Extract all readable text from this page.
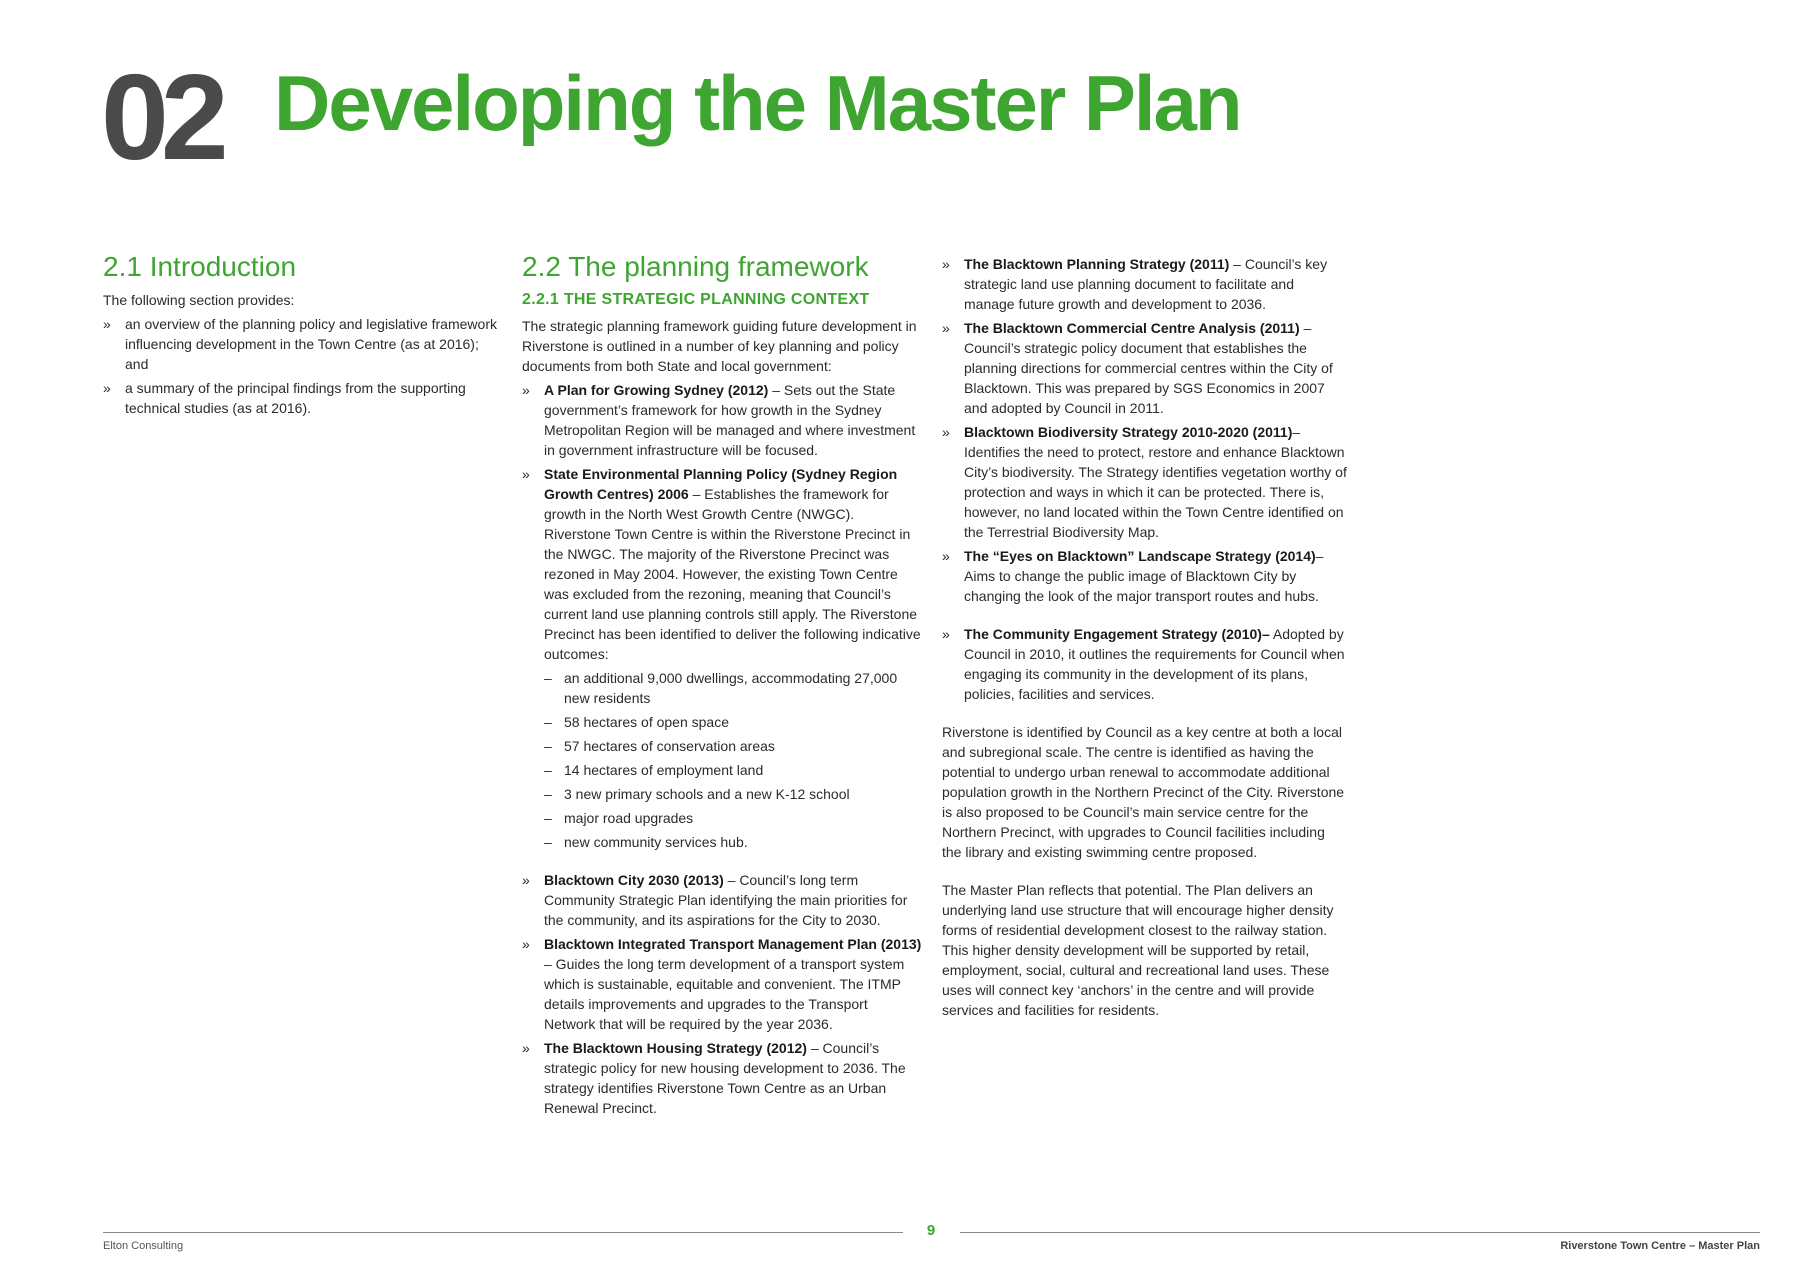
02 Developing the Master Plan
2.1 Introduction

The following section provides:

» an overview of the planning policy and legislative framework influencing development in the Town Centre (as at 2016); and
» a summary of the principal findings from the supporting technical studies (as at 2016).
2.2 The planning framework
2.2.1 THE STRATEGIC PLANNING CONTEXT

The strategic planning framework guiding future development in Riverstone is outlined in a number of key planning and policy documents from both State and local government:

» A Plan for Growing Sydney (2012) – Sets out the State government’s framework for how growth in the Sydney Metropolitan Region will be managed and where investment in government infrastructure will be focused.
» State Environmental Planning Policy (Sydney Region Growth Centres) 2006 – Establishes the framework for growth in the North West Growth Centre (NWGC). Riverstone Town Centre is within the Riverstone Precinct in the NWGC. The majority of the Riverstone Precinct was rezoned in May 2004. However, the existing Town Centre was excluded from the rezoning, meaning that Council’s current land use planning controls still apply. The Riverstone Precinct has been identified to deliver the following indicative outcomes:
– an additional 9,000 dwellings, accommodating 27,000 new residents
– 58 hectares of open space
– 57 hectares of conservation areas
– 14 hectares of employment land
– 3 new primary schools and a new K-12 school
– major road upgrades
– new community services hub.
» Blacktown City 2030 (2013) – Council’s long term Community Strategic Plan identifying the main priorities for the community, and its aspirations for the City to 2030.
» Blacktown Integrated Transport Management Plan (2013) – Guides the long term development of a transport system which is sustainable, equitable and convenient. The ITMP details improvements and upgrades to the Transport Network that will be required by the year 2036.
» The Blacktown Housing Strategy (2012) – Council’s strategic policy for new housing development to 2036. The strategy identifies Riverstone Town Centre as an Urban Renewal Precinct.
» The Blacktown Planning Strategy (2011) – Council’s key strategic land use planning document to facilitate and manage future growth and development to 2036.
» The Blacktown Commercial Centre Analysis (2011) – Council’s strategic policy document that establishes the planning directions for commercial centres within the City of Blacktown. This was prepared by SGS Economics in 2007 and adopted by Council in 2011.
» Blacktown Biodiversity Strategy 2010-2020 (2011)– Identifies the need to protect, restore and enhance Blacktown City’s biodiversity. The Strategy identifies vegetation worthy of protection and ways in which it can be protected. There is, however, no land located within the Town Centre identified on the Terrestrial Biodiversity Map.
» The “Eyes on Blacktown” Landscape Strategy (2014)– Aims to change the public image of Blacktown City by changing the look of the major transport routes and hubs.
» The Community Engagement Strategy (2010)– Adopted by Council in 2010, it outlines the requirements for Council when engaging its community in the development of its plans, policies, facilities and services.

Riverstone is identified by Council as a key centre at both a local and subregional scale. The centre is identified as having the potential to undergo urban renewal to accommodate additional population growth in the Northern Precinct of the City. Riverstone is also proposed to be Council’s main service centre for the Northern Precinct, with upgrades to Council facilities including the library and existing swimming centre proposed.

The Master Plan reflects that potential. The Plan delivers an underlying land use structure that will encourage higher density forms of residential development closest to the railway station. This higher density development will be supported by retail, employment, social, cultural and recreational land uses. These uses will connect key ‘anchors’ in the centre and will provide services and facilities for residents.

9
Elton Consulting	Riverstone Town Centre – Master Plan
